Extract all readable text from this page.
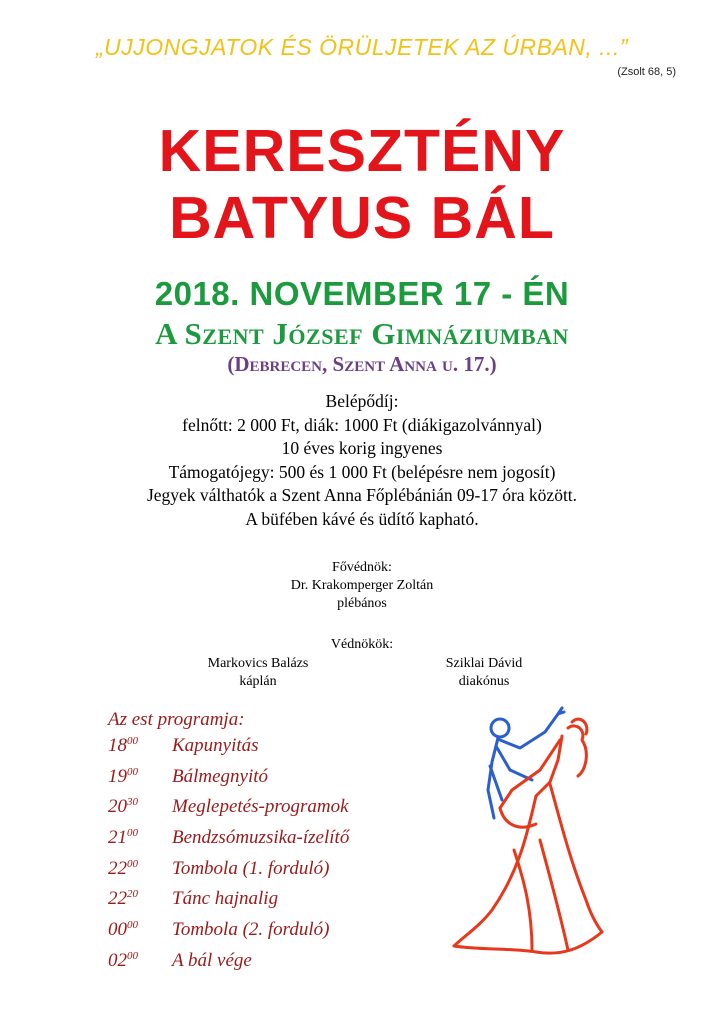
„UJJONGJATOK ÉS ÖRÜLJETEK AZ ÚRBAN, ...”
(Zsolt 68, 5)
KERESZTÉNY
BATYUS BÁL
2018. NOVEMBER 17 - ÉN
A Szent József Gimnáziumban
(Debrecen, Szent Anna u. 17.)
Belépődíj:
felnőtt: 2 000 Ft, diák: 1000 Ft (diákigazolvánnyal)
10 éves korig ingyenes
Támogatójegy: 500 és 1 000 Ft (belépésre nem jogosít)
Jegyek válthatók a Szent Anna Főplébánián 09-17 óra között.
A büfében kávé és üdítő kapható.
Fővédnök:
Dr. Krakomperger Zoltán
plébános
Védnökök:
Markovics Balázs
káplán
Sziklai Dávid
diakónus
Az est programja:
$18^{00}$	Kapunyitás
$19^{00}$	Bálmegnyitó
$20^{30}$	Meglepetés-programok
$21^{00}$	Bendzsómuzsika-ízelítő
$22^{00}$	Tombola (1. forduló)
$22^{20}$	Tánc hajnalig
$00^{00}$	Tombola (2. forduló)
$02^{00}$	A bál vége
